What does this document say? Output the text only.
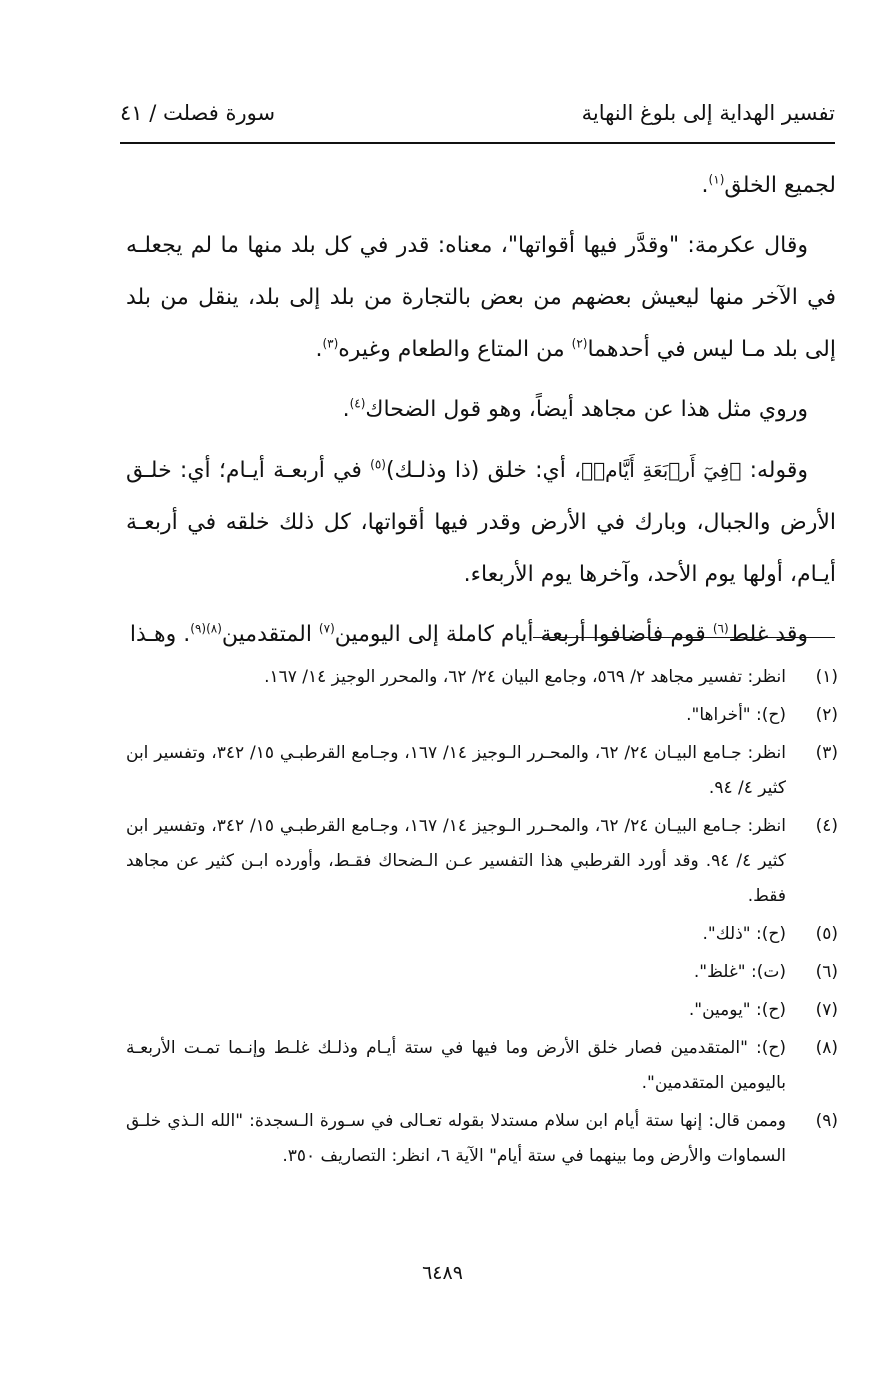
تفسير الهداية إلى بلوغ النهاية
سورة فصلت / ٤١

لجميع الخلق$^{(١)}$.

وقال عكرمة: "وقدَّر فيها أقواتها"، معناه: قدر في كل بلد منها ما لم يجعلـه في الآخر منها ليعيش بعضهم من بعض بالتجارة من بلد إلى بلد، ينقل من بلد إلى بلد مـا ليس في أحدهما$^{(٢)}$ من المتاع والطعام وغيره$^{(٣)}$.

وروي مثل هذا عن مجاهد أيضاً، وهو قول الضحاك$^{(٤)}$.

وقوله: ﴿فِيٓ أَرۡبَعَةِ أَيَّامٖ﴾، أي: خلق (ذا وذلـك)$^{(٥)}$ في أربعـة أيـام؛ أي: خلـق الأرض والجبال، وبارك في الأرض وقدر فيها أقواتها، كل ذلك خلقه في أربعـة أيـام، أولها يوم الأحد، وآخرها يوم الأربعاء.

وقد غلط$^{(٦)}$ قوم فأضافوا أربعة أيام كاملة إلى اليومين$^{(٧)}$ المتقدمين$^{(٨)(٩)}$. وهـذا

(١)
انظر: تفسير مجاهد ٢/ ٥٦٩، وجامع البيان ٢٤/ ٦٢، والمحرر الوجيز ١٤/ ١٦٧.
(٢)
(ح): "أخراها".
(٣)
انظر: جـامع البيـان ٢٤/ ٦٢، والمحـرر الـوجيز ١٤/ ١٦٧، وجـامع القرطبـي ١٥/ ٣٤٢، وتفسير ابن كثير ٤/ ٩٤.
(٤)
انظر: جـامع البيـان ٢٤/ ٦٢، والمحـرر الـوجيز ١٤/ ١٦٧، وجـامع القرطبـي ١٥/ ٣٤٢، وتفسير ابن كثير ٤/ ٩٤. وقد أورد القرطبي هذا التفسير عـن الـضحاك فقـط، وأورده ابـن كثير عن مجاهد فقط.
(٥)
(ح): "ذلك".
(٦)
(ت): "غلظ".
(٧)
(ح): "يومين".
(٨)
(ح): "المتقدمين فصار خلق الأرض وما فيها في ستة أيـام وذلـك غلـط وإنـما تمـت الأربعـة باليومين المتقدمين".
(٩)
وممن قال: إنها ستة أيام ابن سلام مستدلا بقوله تعـالى في سـورة الـسجدة: "الله الـذي خلـق السماوات والأرض وما بينهما في ستة أيام" الآية ٦، انظر: التصاريف ٣٥٠.
٦٤٨٩
